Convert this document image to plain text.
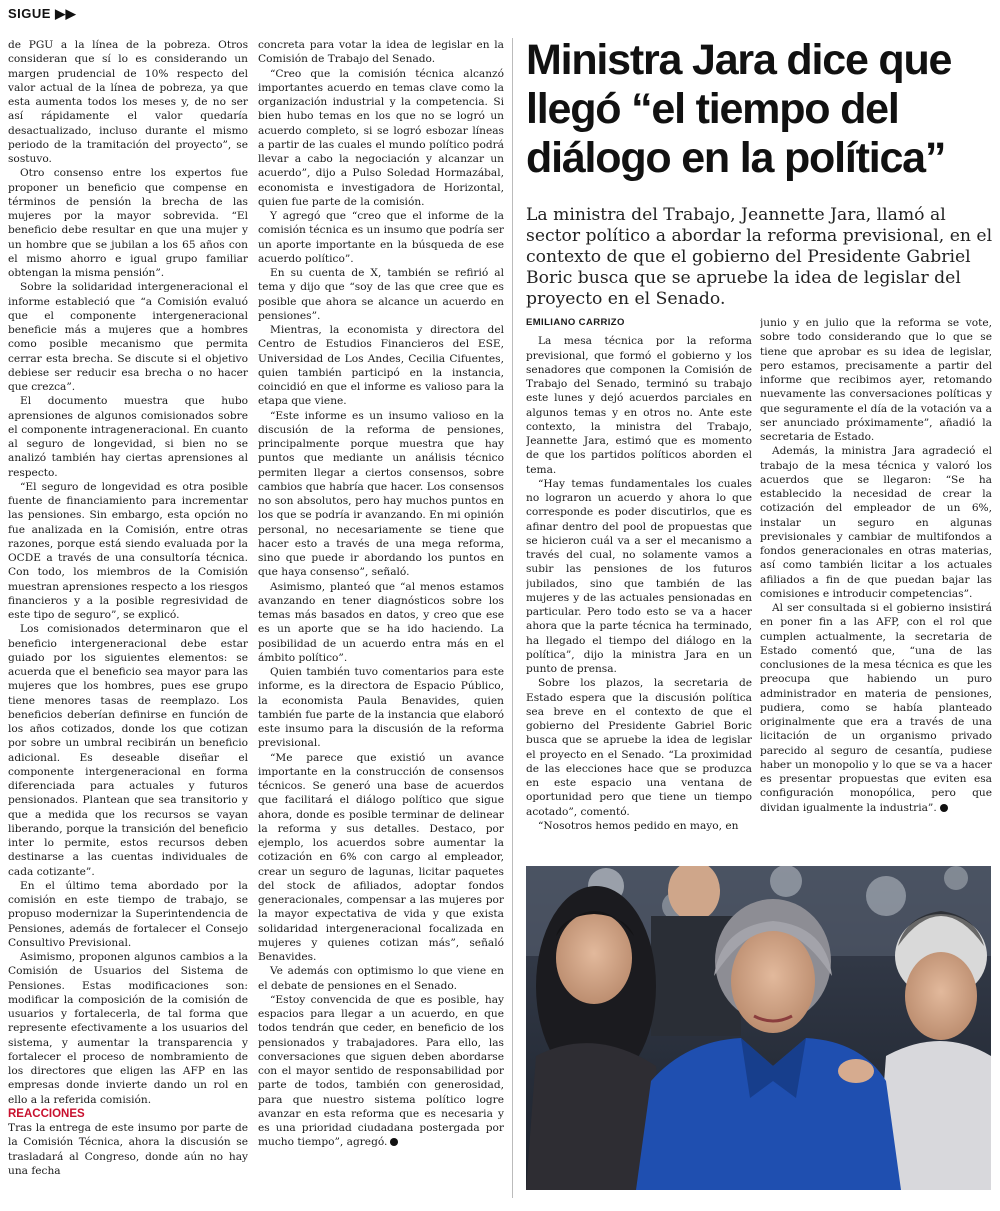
SIGUE ▶▶

de PGU a la línea de la pobreza. Otros consideran que sí lo es considerando un margen prudencial de 10% respecto del valor actual de la línea de pobreza, ya que esta aumenta todos los meses y, de no ser así rápidamente el valor quedaría desactualizado, incluso durante el mismo periodo de la tramitación del proyecto”, se sostuvo.

Otro consenso entre los expertos fue proponer un beneficio que compense en términos de pensión la brecha de las mujeres por la mayor sobrevida. “El beneficio debe resultar en que una mujer y un hombre que se jubilan a los 65 años con el mismo ahorro e igual grupo familiar obtengan la misma pensión”.

Sobre la solidaridad intergeneracional el informe estableció que “a Comisión evaluó que el componente intergeneracional beneficie más a mujeres que a hombres como posible mecanismo que permita cerrar esta brecha. Se discute si el objetivo debiese ser reducir esa brecha o no hacer que crezca”.

El documento muestra que hubo aprensiones de algunos comisionados sobre el componente intrageneracional. En cuanto al seguro de longevidad, si bien no se analizó también hay ciertas aprensiones al respecto.

“El seguro de longevidad es otra posible fuente de financiamiento para incrementar las pensiones. Sin embargo, esta opción no fue analizada en la Comisión, entre otras razones, porque está siendo evaluada por la OCDE a través de una consultoría técnica. Con todo, los miembros de la Comisión muestran aprensiones respecto a los riesgos financieros y a la posible regresividad de este tipo de seguro”, se explicó.

Los comisionados determinaron que el beneficio intergeneracional debe estar guiado por los siguientes elementos: se acuerda que el beneficio sea mayor para las mujeres que los hombres, pues ese grupo tiene menores tasas de reemplazo. Los beneficios deberían definirse en función de los años cotizados, donde los que cotizan por sobre un umbral recibirán un beneficio adicional. Es deseable diseñar el componente intergeneracional en forma diferenciada para actuales y futuros pensionados. Plantean que sea transitorio y que a medida que los recursos se vayan liberando, porque la transición del beneficio inter lo permite, estos recursos deben destinarse a las cuentas individuales de cada cotizante”.

En el último tema abordado por la comisión en este tiempo de trabajo, se propuso modernizar la Superintendencia de Pensiones, además de fortalecer el Consejo Consultivo Previsional.

Asimismo, proponen algunos cambios a la Comisión de Usuarios del Sistema de Pensiones. Estas modificaciones son: modificar la composición de la comisión de usuarios y fortalecerla, de tal forma que represente efectivamente a los usuarios del sistema, y aumentar la transparencia y fortalecer el proceso de nombramiento de los directores que eligen las AFP en las empresas donde invierte dando un rol en ello a la referida comisión.

REACCIONES

Tras la entrega de este insumo por parte de la Comisión Técnica, ahora la discusión se trasladará al Congreso, donde aún no hay una fecha

concreta para votar la idea de legislar en la Comisión de Trabajo del Senado.

“Creo que la comisión técnica alcanzó importantes acuerdo en temas clave como la organización industrial y la competencia. Si bien hubo temas en los que no se logró un acuerdo completo, si se logró esbozar líneas a partir de las cuales el mundo político podrá llevar a cabo la negociación y alcanzar un acuerdo”, dijo a Pulso Soledad Hormazábal, economista e investigadora de Horizontal, quien fue parte de la comisión.

Y agregó que “creo que el informe de la comisión técnica es un insumo que podría ser un aporte importante en la búsqueda de ese acuerdo político”.

En su cuenta de X, también se refirió al tema y dijo que “soy de las que cree que es posible que ahora se alcance un acuerdo en pensiones”.

Mientras, la economista y directora del Centro de Estudios Financieros del ESE, Universidad de Los Andes, Cecilia Cifuentes, quien también participó en la instancia, coincidió en que el informe es valioso para la etapa que viene.

“Este informe es un insumo valioso en la discusión de la reforma de pensiones, principalmente porque muestra que hay puntos que mediante un análisis técnico permiten llegar a ciertos consensos, sobre cambios que habría que hacer. Los consensos no son absolutos, pero hay muchos puntos en los que se podría ir avanzando. En mi opinión personal, no necesariamente se tiene que hacer esto a través de una mega reforma, sino que puede ir abordando los puntos en que haya consenso”, señaló.

Asimismo, planteó que “al menos estamos avanzando en tener diagnósticos sobre los temas más basados en datos, y creo que ese es un aporte que se ha ido haciendo. La posibilidad de un acuerdo entra más en el ámbito político”.

Quien también tuvo comentarios para este informe, es la directora de Espacio Público, la economista Paula Benavides, quien también fue parte de la instancia que elaboró este insumo para la discusión de la reforma previsional.

“Me parece que existió un avance importante en la construcción de consensos técnicos. Se generó una base de acuerdos que facilitará el diálogo político que sigue ahora, donde es posible terminar de delinear la reforma y sus detalles. Destaco, por ejemplo, los acuerdos sobre aumentar la cotización en 6% con cargo al empleador, crear un seguro de lagunas, licitar paquetes del stock de afiliados, adoptar fondos generacionales, compensar a las mujeres por la mayor expectativa de vida y que exista solidaridad intergeneracional focalizada en mujeres y quienes cotizan más”, señaló Benavides.

Ve además con optimismo lo que viene en el debate de pensiones en el Senado.

“Estoy convencida de que es posible, hay espacios para llegar a un acuerdo, en que todos tendrán que ceder, en beneficio de los pensionados y trabajadores. Para ello, las conversaciones que siguen deben abordarse con el mayor sentido de responsabilidad por parte de todos, también con generosidad, para que nuestro sistema político logre avanzar en esta reforma que es necesaria y es una prioridad ciudadana postergada por mucho tiempo”, agregó.

Ministra Jara dice que llegó “el tiempo del diálogo en la política”
La ministra del Trabajo, Jeannette Jara, llamó al sector político a abordar la reforma previsional, en el contexto de que el gobierno del Presidente Gabriel Boric busca que se apruebe la idea de legislar del proyecto en el Senado.
EMILIANO CARRIZO

La mesa técnica por la reforma previsional, que formó el gobierno y los senadores que componen la Comisión de Trabajo del Senado, terminó su trabajo este lunes y dejó acuerdos parciales en algunos temas y en otros no. Ante este contexto, la ministra del Trabajo, Jeannette Jara, estimó que es momento de que los partidos políticos aborden el tema.

“Hay temas fundamentales los cuales no lograron un acuerdo y ahora lo que corresponde es poder discutirlos, que es afinar dentro del pool de propuestas que se hicieron cuál va a ser el mecanismo a través del cual, no solamente vamos a subir las pensiones de los futuros jubilados, sino que también de las mujeres y de las actuales pensionadas en particular. Pero todo esto se va a hacer ahora que la parte técnica ha terminado, ha llegado el tiempo del diálogo en la política”, dijo la ministra Jara en un punto de prensa.

Sobre los plazos, la secretaria de Estado espera que la discusión política sea breve en el contexto de que el gobierno del Presidente Gabriel Boric busca que se apruebe la idea de legislar el proyecto en el Senado. “La proximidad de las elecciones hace que se produzca en este espacio una ventana de oportunidad pero que tiene un tiempo acotado”, comentó.

“Nosotros hemos pedido en mayo, en

junio y en julio que la reforma se vote, sobre todo considerando que lo que se tiene que aprobar es su idea de legislar, pero estamos, precisamente a partir del informe que recibimos ayer, retomando nuevamente las conversaciones políticas y que seguramente el día de la votación va a ser anunciado próximamente”, añadió la secretaria de Estado.

Además, la ministra Jara agradeció el trabajo de la mesa técnica y valoró los acuerdos que se llegaron: “Se ha establecido la necesidad de crear la cotización del empleador de un 6%, instalar un seguro en algunas previsionales y cambiar de multifondos a fondos generacionales en otras materias, así como también licitar a los actuales afiliados a fin de que puedan bajar las comisiones e introducir competencias”.

Al ser consultada si el gobierno insistirá en poner fin a las AFP, con el rol que cumplen actualmente, la secretaria de Estado comentó que, “una de las conclusiones de la mesa técnica es que les preocupa que habiendo un puro administrador en materia de pensiones, pudiera, como se había planteado originalmente que era a través de una licitación de un organismo privado parecido al seguro de cesantía, pudiese haber un monopolio y lo que se va a hacer es presentar propuestas que eviten esa configuración monopólica, pero que dividan igualmente la industria”.
